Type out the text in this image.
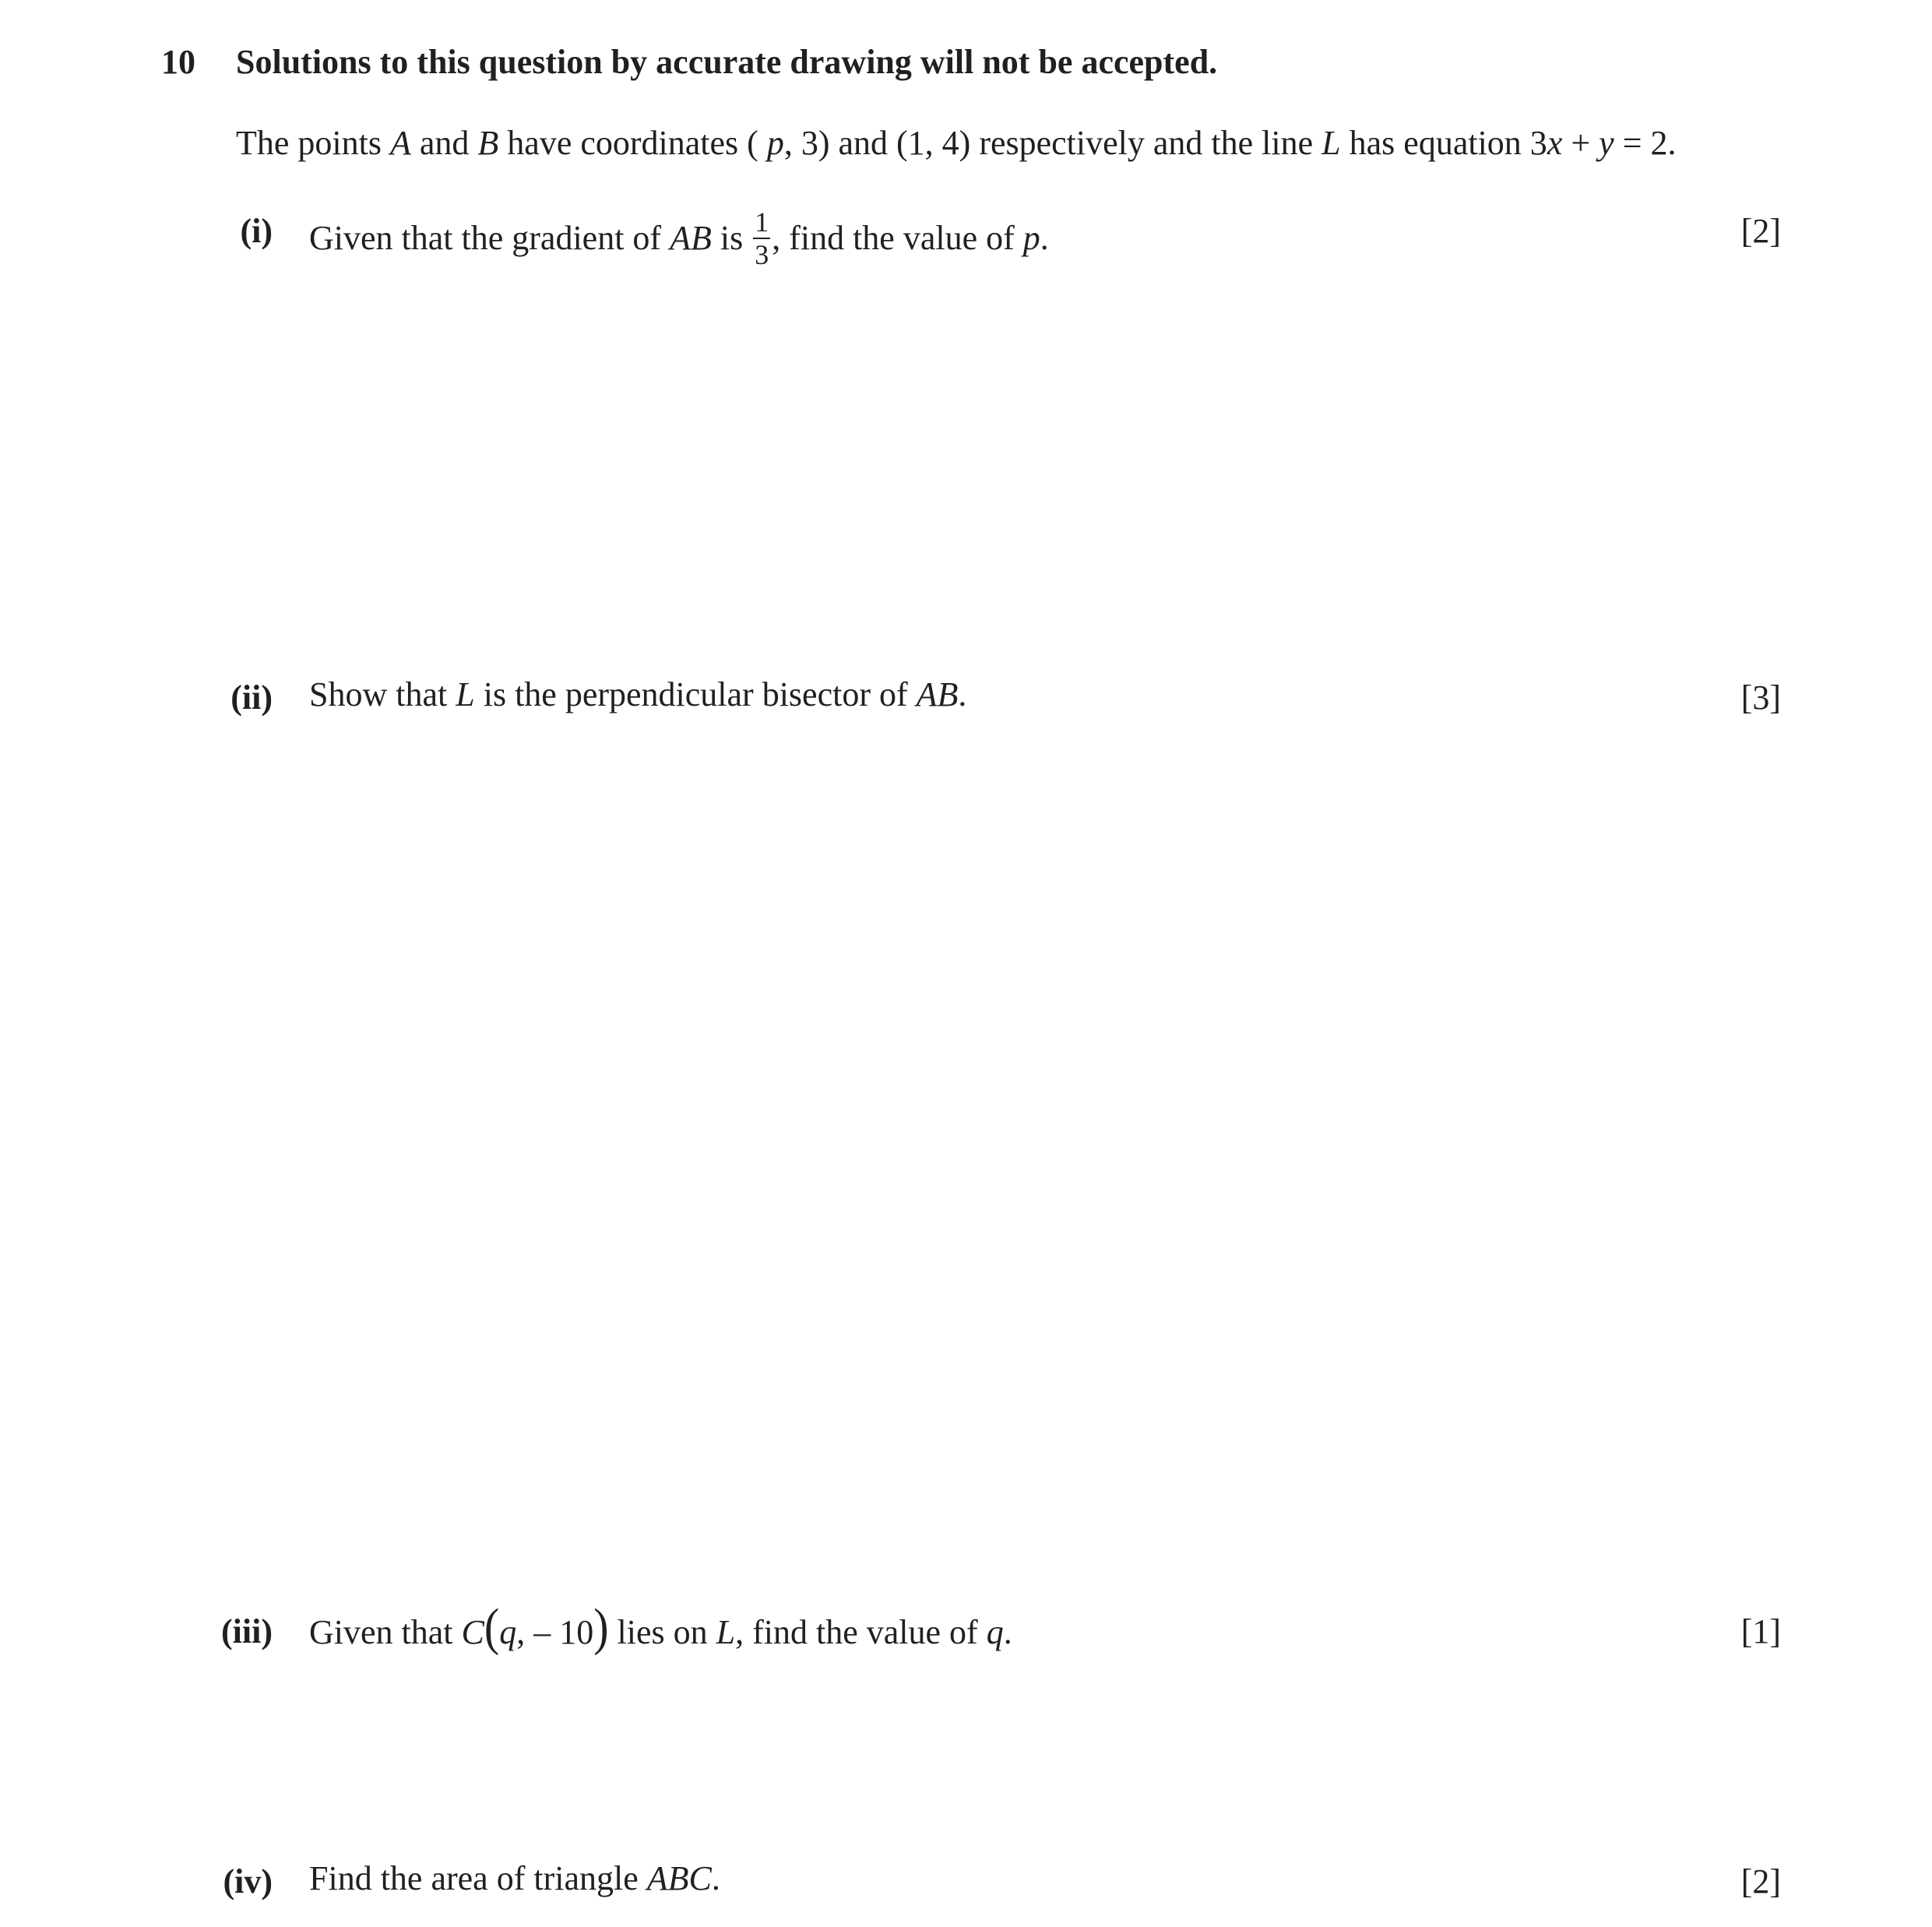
10 Solutions to this question by accurate drawing will not be accepted.
The points A and B have coordinates ( p, 3) and (1, 4) respectively and the line L has equation 3x + y = 2.
(i) Given that the gradient of AB is $\frac{1}{3}$ , find the value of p.	[2]
(ii) Show that L is the perpendicular bisector of AB.	[3]
(iii) Given that C(q, – 10) lies on L, find the value of q.	[1]
(iv) Find the area of triangle ABC.	[2]
